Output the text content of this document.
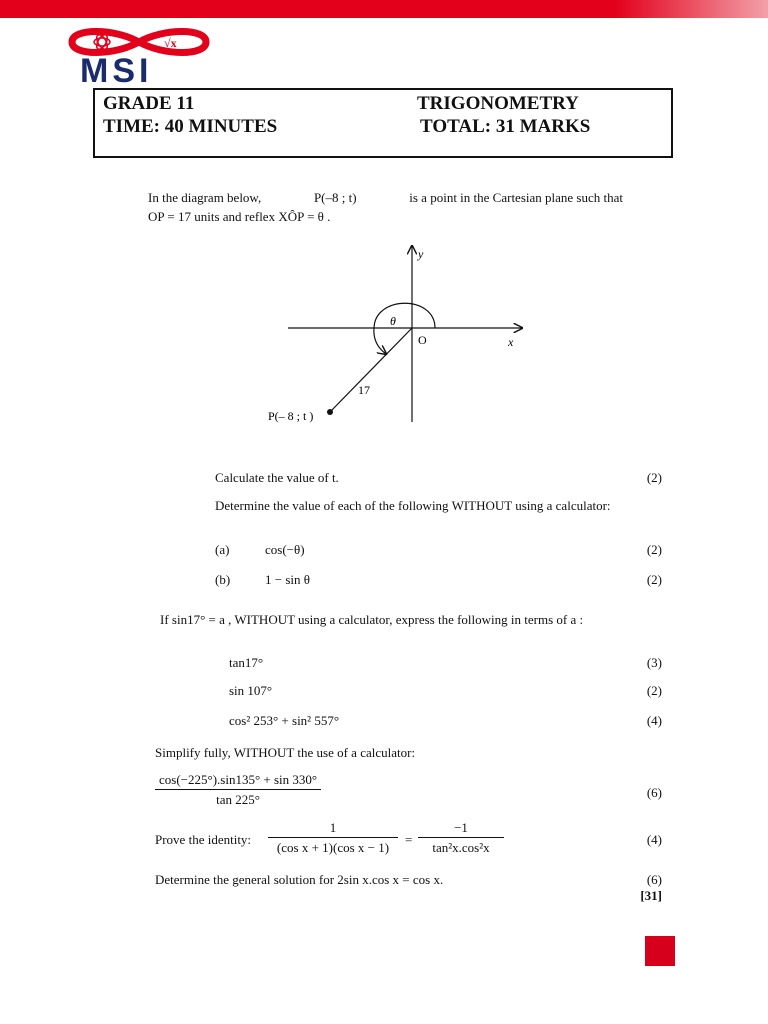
√x
MSI
GRADE 11	TRIGONOMETRY
TIME: 40 MINUTES	TOTAL: 31 MARKS
In the diagram below,	P(–8 ; t)	is a point in the Cartesian plane such that
OP = 17 units and reflex XÔP = θ .
y
x
O
θ
17
P(– 8 ; t )
Calculate the value of t.	(2)
Determine the value of each of the following WITHOUT using a calculator:
(a)	cos(−θ)	(2)
(b)	1 − sin θ	(2)
If sin17° = a , WITHOUT using a calculator, express the following in terms of a :
tan17°	(3)
sin 107°	(2)
cos² 253° + sin² 557°	(4)
Simplify fully, WITHOUT the use of a calculator:
$\frac{\cos(-225^\circ).\sin 135^\circ + \sin 330^\circ}{\tan 225^\circ}$	(6)
Prove the identity: $\frac{1}{\text{(cos x + 1)(cos x − 1)}} = \frac{-1}{\text{tan²x.cos²x}}$	(4)
Determine the general solution for 2sin x.cos x = cos x.	(6)
[31]
